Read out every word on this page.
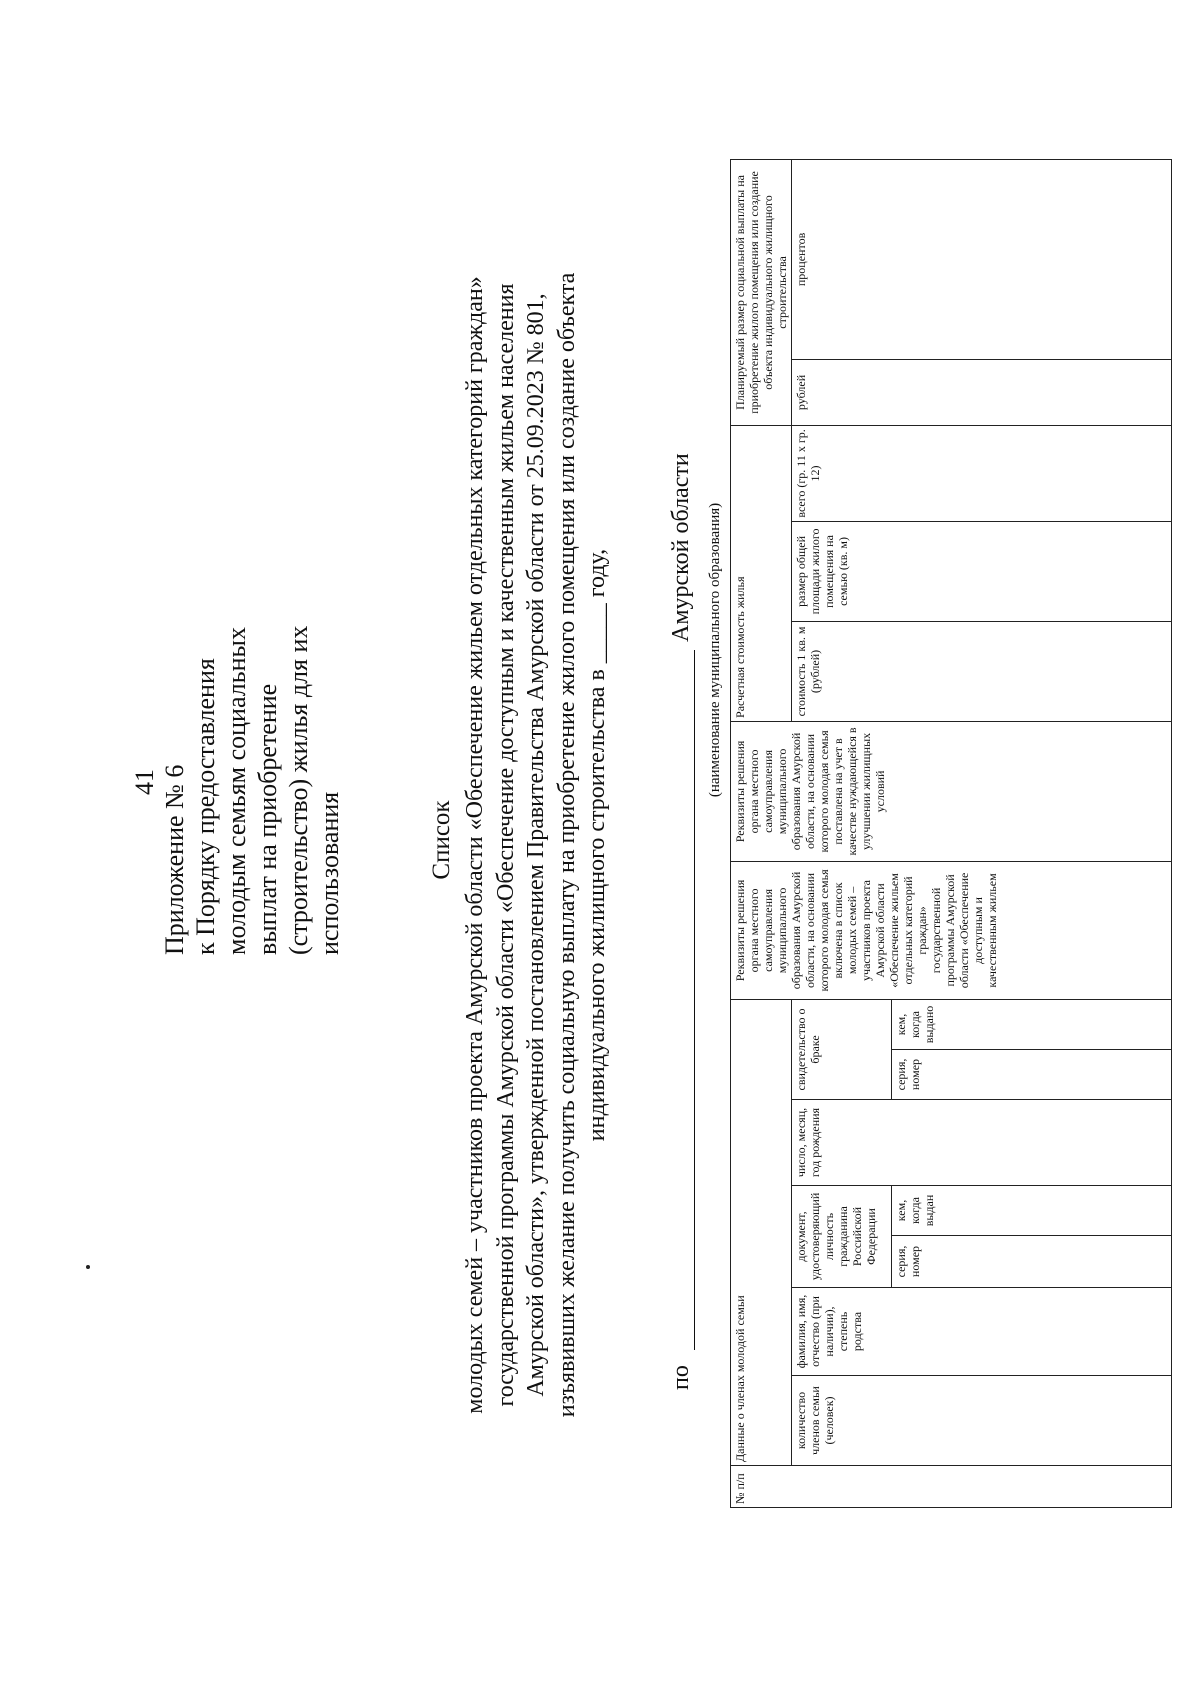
41 Приложение № 6 к Порядку предоставления молодым семьям социальных выплат на приобретение (строительство) жилья для их использования	Список молодых семей – участников проекта Амурской области «Обеспечение жильем отдельных категорий граждан» государственной программы Амурской области «Обеспечение доступным и качественным жильем населения Амурской области», утвержденной постановлением Правительства Амурской области от 25.09.2023 № 801, изъявивших желание получить социальную выплату на приобретение жилого помещения или создание объекта индивидуального жилищного строительства в _____ году,
по
Амурской области (наименование муниципального образования)
№ п/п	Данные о членах молодой семьи							Реквизиты решения органа местного самоуправления муниципального образования Амурской области, на основании которого молодая семья включена в список молодых семей – участников проекта Амурской области «Обеспечение жильем отдельных категорий граждан» государственной программы Амурской области «Обеспечение доступным и качественным жильем	Реквизиты решения органа местного самоуправления муниципального образования Амурской области, на основании которого молодая семья поставлена на учет в качестве нуждающейся в улучшении жилищных условий	Расчетная стоимость жилья			Планируемый размер социальной выплаты на приобретение жилого помещения или создание объекта индивидуального жилищного строительства	
	количество членов семьи (человек)	фамилия, имя, отчество (при наличии), степень родства	документ, удостоверяющий личность гражданина Российской Федерации		число, месяц, год рождения	свидетельство о браке				стоимость 1 кв. м (рублей)	размер общей площади жилого помещения на семью (кв. м)	всего (гр. 11 х гр. 12)	рублей	процентов
			серия, номер	кем, когда выдан		серия, номер	кем, когда выдано							
